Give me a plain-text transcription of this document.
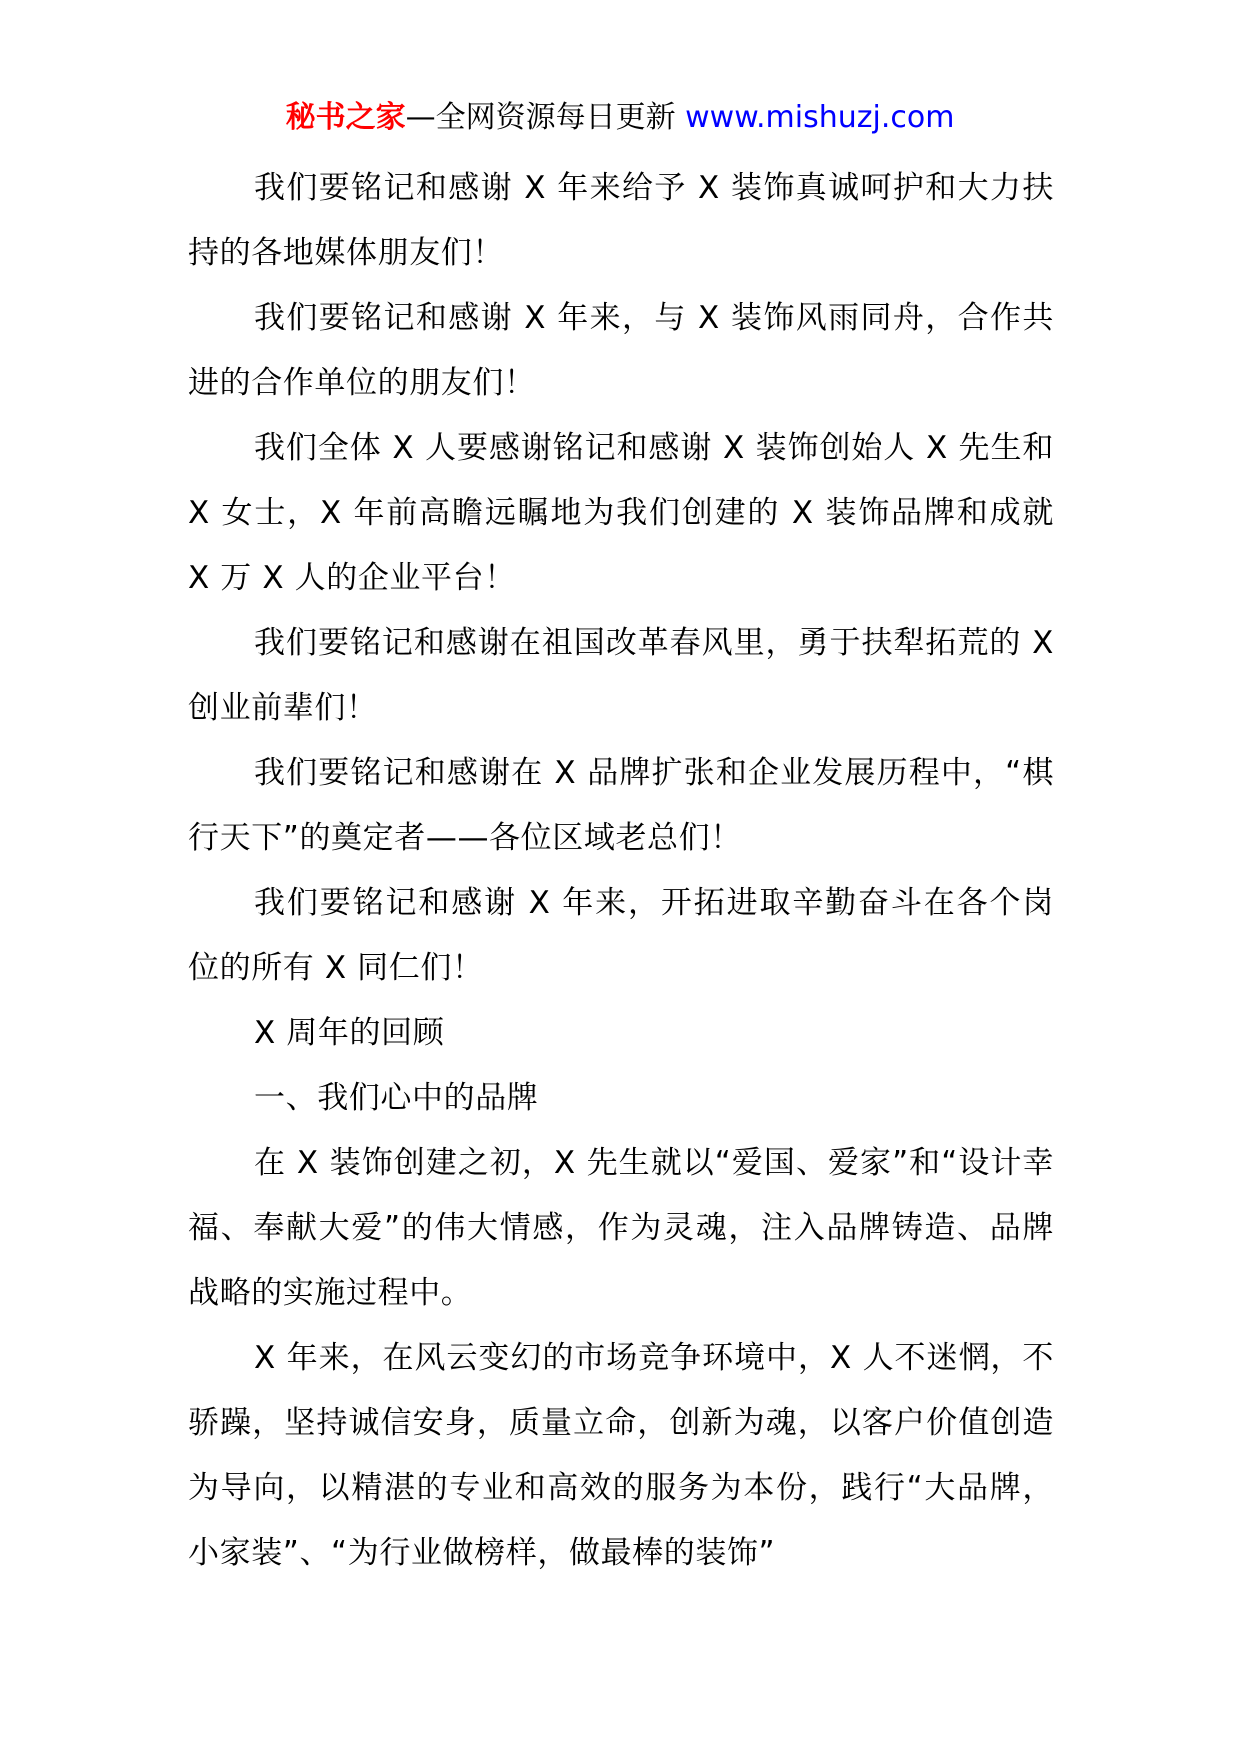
秘书之家—全网资源每日更新 www.mishuzj.com

我们要铭记和感谢 X 年来给予 X 装饰真诚呵护和大力扶持的各地媒体朋友们！

我们要铭记和感谢 X 年来，与 X 装饰风雨同舟，合作共进的合作单位的朋友们！

我们全体 X 人要感谢铭记和感谢 X 装饰创始人 X 先生和 X 女士，X 年前高瞻远瞩地为我们创建的 X 装饰品牌和成就 X 万 X 人的企业平台！

我们要铭记和感谢在祖国改革春风里，勇于扶犁拓荒的 X 创业前辈们！

我们要铭记和感谢在 X 品牌扩张和企业发展历程中，“棋行天下”的奠定者——各位区域老总们！

我们要铭记和感谢 X 年来，开拓进取辛勤奋斗在各个岗位的所有 X 同仁们！

X 周年的回顾

一、我们心中的品牌

在 X 装饰创建之初，X 先生就以“爱国、爱家”和“设计幸福、奉献大爱”的伟大情感，作为灵魂，注入品牌铸造、品牌战略的实施过程中。

X 年来，在风云变幻的市场竞争环境中，X 人不迷惘，不骄躁，坚持诚信安身，质量立命，创新为魂，以客户价值创造为导向，以精湛的专业和高效的服务为本份，践行“大品牌，小家装”、“为行业做榜样，做最棒的装饰”
